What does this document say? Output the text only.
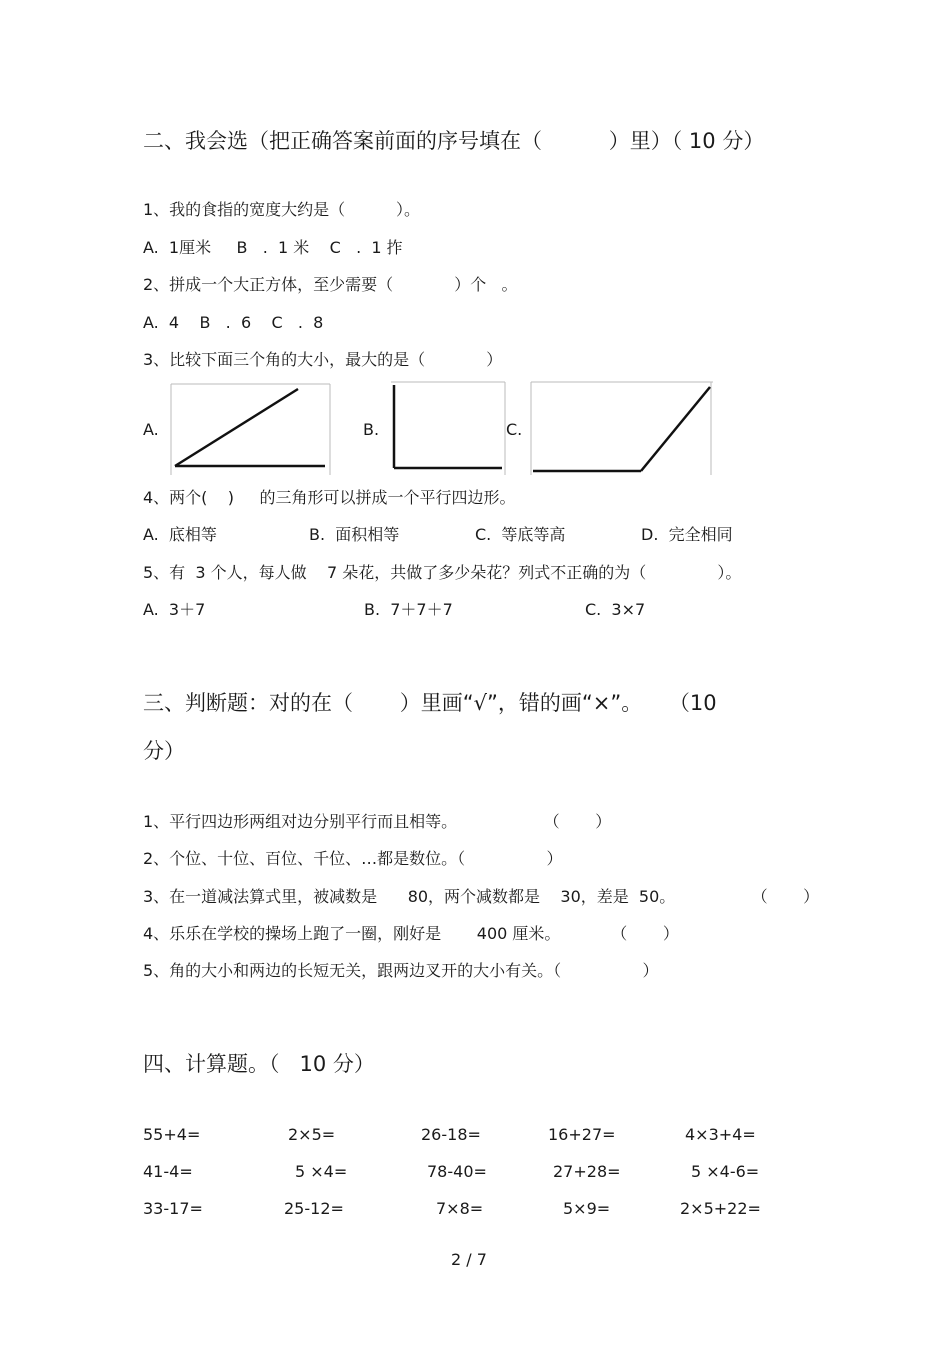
二、我会选（把正确答案前面的序号填在（          ）里）（ 10 分）
1、我的食指的宽度大约是（          ）。
A.  1厘米     B   .  1 米    C   .  1 拃
2、拼成一个大正方体，至少需要（            ）个   。
A.  4    B   .  6    C   .  8
3、比较下面三个角的大小，最大的是（            ）
A.	B.	C.
4、两个(    )     的三角形可以拼成一个平行四边形。
A.  底相等	B.  面积相等	C.  等底等高	D.  完全相同
5、有  3 个人，每人做    7 朵花，共做了多少朵花？列式不正确的为（              ）。
A.  3＋7	B.  7＋7＋7	C.  3×7
三、判断题：对的在（       ）里画“√”，错的画“×”。    （10
分）
1、平行四边形两组对边分别平行而且相等。                 （       ）
2、个位、十位、百位、千位、…都是数位。（                ）
3、在一道减法算式里，被减数是      80，两个减数都是    30，差是  50。               （       ）
4、乐乐在学校的操场上跑了一圈，刚好是       400 厘米。          （       ）
5、角的大小和两边的长短无关，跟两边叉开的大小有关。（                ）
四、计算题。（   10 分）
55+4=	2×5=	26-18=	16+27=	4×3+4=
41-4=	5 ×4=	78-40=	27+28=	5 ×4-6=
33-17=	25-12=	7×8=	5×9=	2×5+22=
2 / 7
